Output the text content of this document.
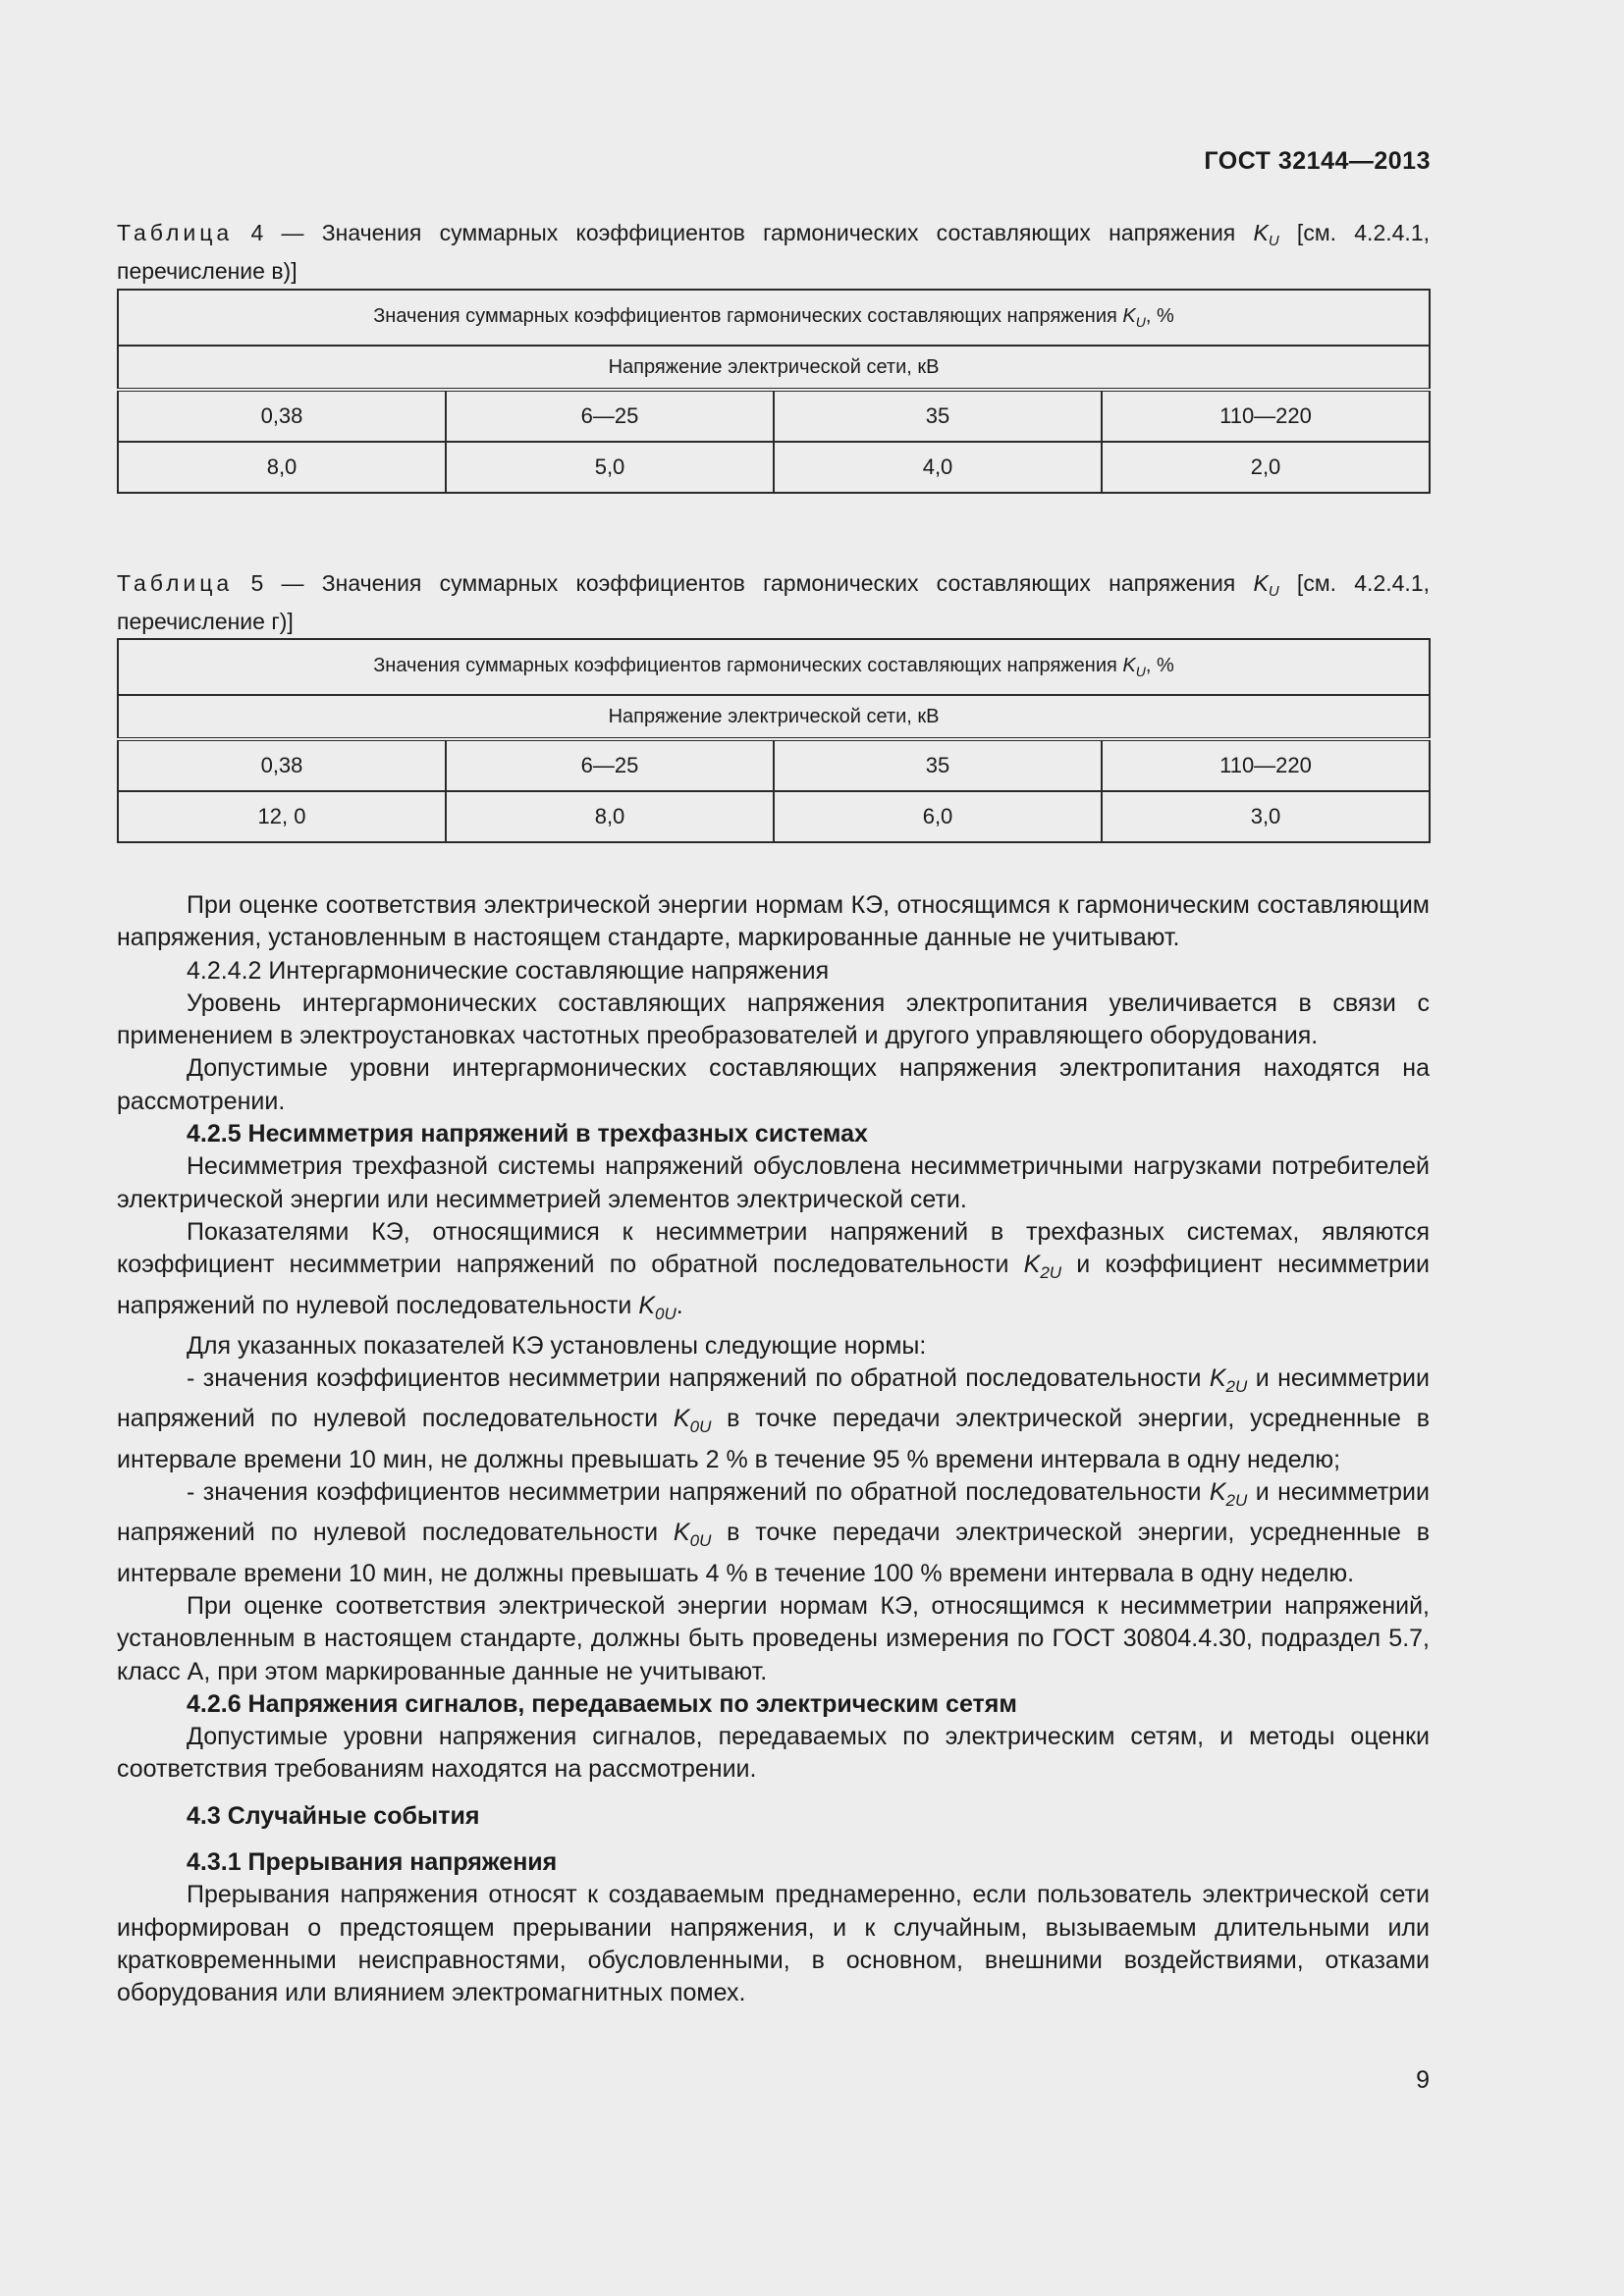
ГОСТ 32144—2013
Таблица 4 — Значения суммарных коэффициентов гармонических составляющих напряжения $K_U$ [см. 4.2.4.1, перечисление в)]
Значения суммарных коэффициентов гармонических составляющих напряжения $K_U$, %			
Напряжение электрической сети, кВ			
0,38	6—25	35	110—220
8,0	5,0	4,0	2,0
Таблица 5 — Значения суммарных коэффициентов гармонических составляющих напряжения $K_U$ [см. 4.2.4.1, перечисление г)]
Значения суммарных коэффициентов гармонических составляющих напряжения $K_U$, %			
Напряжение электрической сети, кВ			
0,38	6—25	35	110—220
12, 0	8,0	6,0	3,0

При оценке соответствия электрической энергии нормам КЭ, относящимся к гармоническим составляющим напряжения, установленным в настоящем стандарте, маркированные данные не учитывают.

4.2.4.2 Интергармонические составляющие напряжения

Уровень интергармонических составляющих напряжения электропитания увеличивается в связи с применением в электроустановках частотных преобразователей и другого управляющего оборудования.

Допустимые уровни интергармонических составляющих напряжения электропитания находятся на рассмотрении.

4.2.5 Несимметрия напряжений в трехфазных системах

Несимметрия трехфазной системы напряжений обусловлена несимметричными нагрузками потребителей электрической энергии или несимметрией элементов электрической сети.

Показателями КЭ, относящимися к несимметрии напряжений в трехфазных системах, являются коэффициент несимметрии напряжений по обратной последовательности $K_{2U}$ и коэффициент несимметрии напряжений по нулевой последовательности $K_{0U}$.

Для указанных показателей КЭ установлены следующие нормы:

- значения коэффициентов несимметрии напряжений по обратной последовательности $K_{2U}$ и несимметрии напряжений по нулевой последовательности $K_{0U}$ в точке передачи электрической энергии, усредненные в интервале времени 10 мин, не должны превышать 2 % в течение 95 % времени интервала в одну неделю;

- значения коэффициентов несимметрии напряжений по обратной последовательности $K_{2U}$ и несимметрии напряжений по нулевой последовательности $K_{0U}$ в точке передачи электрической энергии, усредненные в интервале времени 10 мин, не должны превышать 4 % в течение 100 % времени интервала в одну неделю.

При оценке соответствия электрической энергии нормам КЭ, относящимся к несимметрии напряжений, установленным в настоящем стандарте, должны быть проведены измерения по ГОСТ 30804.4.30, подраздел 5.7, класс А, при этом маркированные данные не учитывают.

4.2.6 Напряжения сигналов, передаваемых по электрическим сетям

Допустимые уровни напряжения сигналов, передаваемых по электрическим сетям, и методы оценки соответствия требованиям находятся на рассмотрении.

4.3 Случайные события

4.3.1 Прерывания напряжения

Прерывания напряжения относят к создаваемым преднамеренно, если пользователь электрической сети информирован о предстоящем прерывании напряжения, и к случайным, вызываемым длительными или кратковременными неисправностями, обусловленными, в основном, внешними воздействиями, отказами оборудования или влиянием электромагнитных помех.

9
